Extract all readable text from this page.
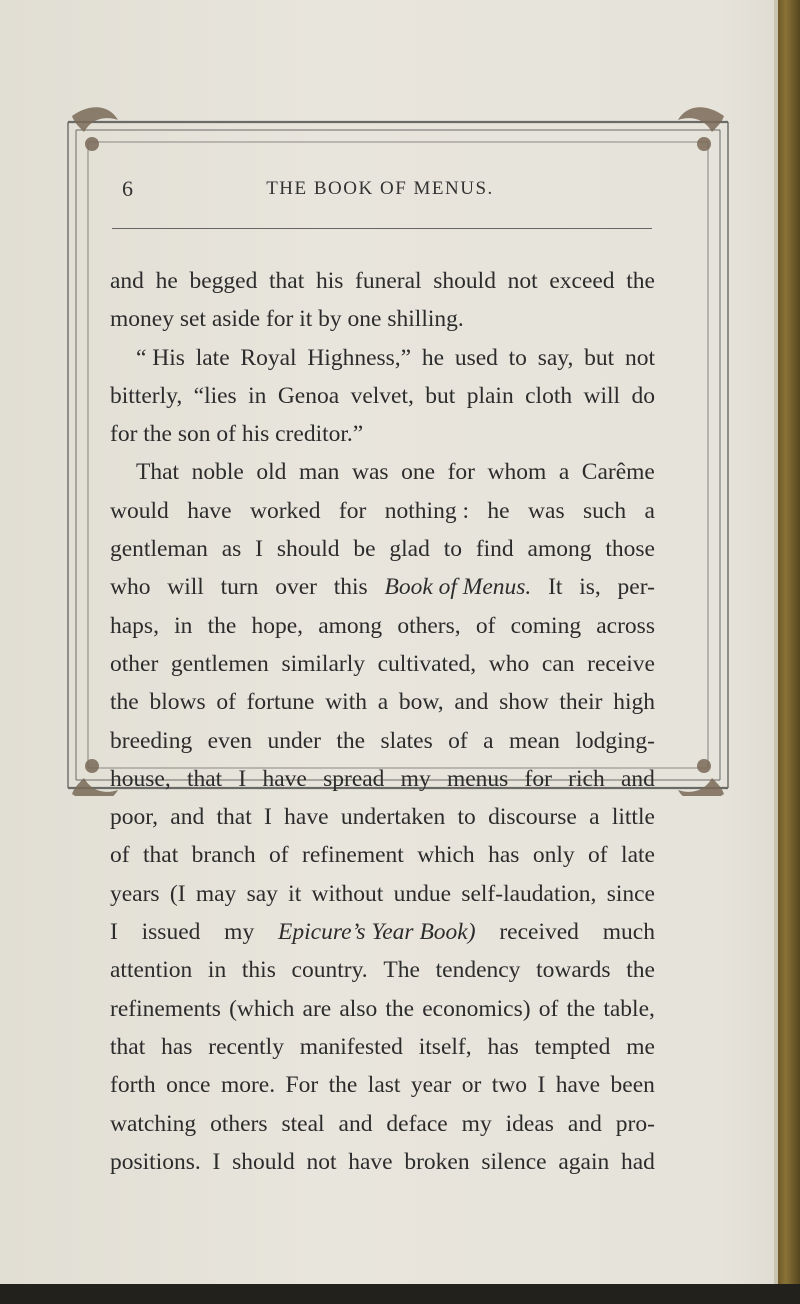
6	THE BOOK OF MENUS.
and he begged that his funeral should not exceed the
money set aside for it by one shilling.
“ His late Royal Highness,” he used to say, but not
bitterly, “lies in Genoa velvet, but plain cloth will do
for the son of his creditor.”
That noble old man was one for whom a Carême
would have worked for nothing : he was such a
gentleman as I should be glad to find among those
who will turn over this Book of Menus. It is, per-
haps, in the hope, among others, of coming across
other gentlemen similarly cultivated, who can receive
the blows of fortune with a bow, and show their high
breeding even under the slates of a mean lodging-
house, that I have spread my menus for rich and
poor, and that I have undertaken to discourse a little
of that branch of refinement which has only of late
years (I may say it without undue self-laudation, since
I issued my Epicure’s Year Book) received much
attention in this country. The tendency towards the
refinements (which are also the economics) of the table,
that has recently manifested itself, has tempted me
forth once more. For the last year or two I have been
watching others steal and deface my ideas and pro-
positions. I should not have broken silence again had
